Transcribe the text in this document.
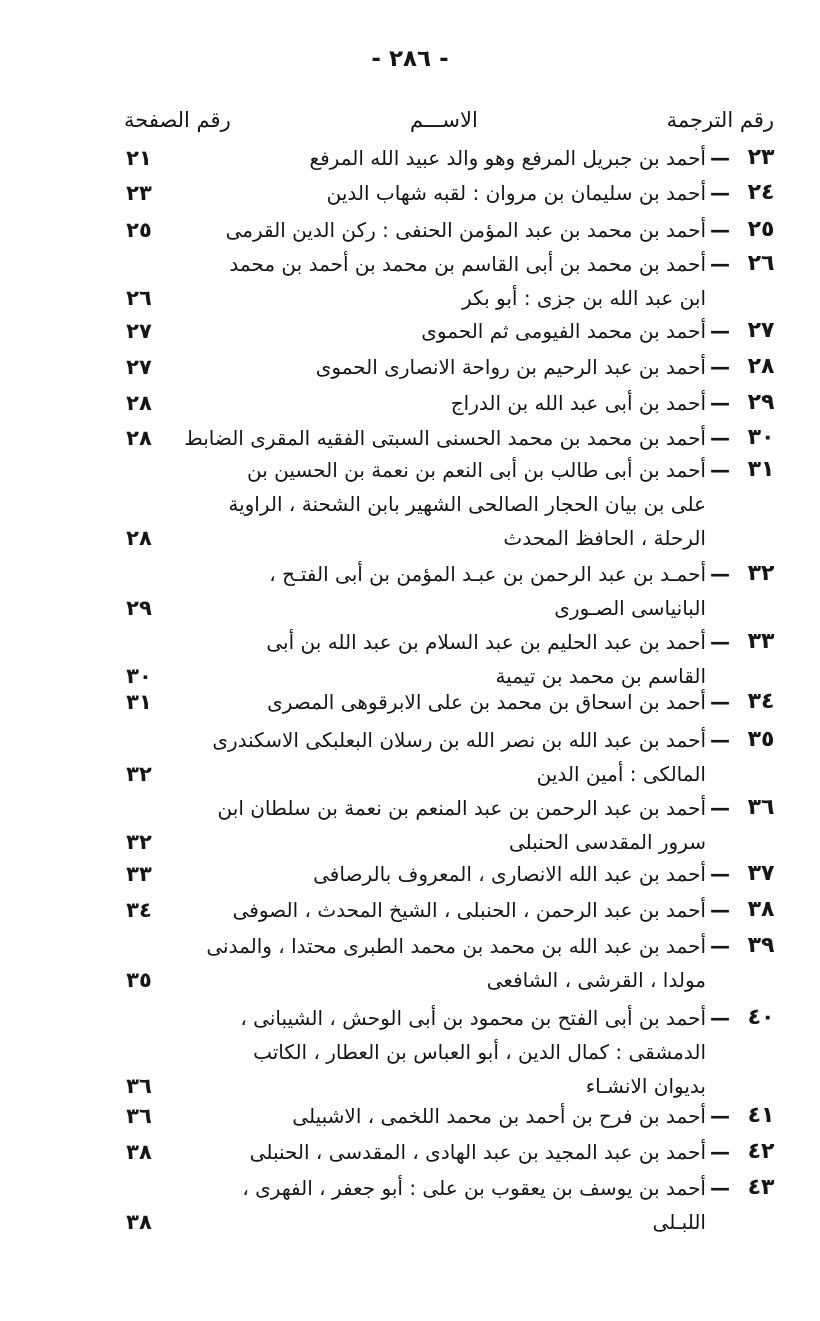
- ٢٨٦ -
رقم الترجمة
الاســـم
رقم الصفحة
٢٣
—
أحمد بن جبريل المرفع وهو والد عبيد الله المرفع
٢١
٢٤
—
أحمد بن سليمان بن مروان : لقبه شهاب الدين
٢٣
٢٥
—
أحمد بن محمد بن عبد المؤمن الحنفى : ركن الدين القرمى
٢٥
٢٦
—
أحمد بن محمد بن أبى القاسم بن محمد بن أحمد بن محمد
ابن عبد الله بن جزى : أبو بكر
٢٦
٢٧
—
أحمد بن محمد الفيومى ثم الحموى
٢٧
٢٨
—
أحمد بن عبد الرحيم بن رواحة الانصارى الحموى
٢٧
٢٩
—
أحمد بن أبى عبد الله بن الدراج
٢٨
٣٠
—
أحمد بن محمد بن محمد الحسنى السبتى الفقيه المقرى الضابط
٢٨
٣١
—
أحمد بن أبى طالب بن أبى النعم بن نعمة بن الحسين بن
على بن بيان الحجار الصالحى الشهير بابن الشحنة ، الراوية
الرحلة ، الحافظ المحدث
٢٨
٣٢
—
أحمـد بن عبد الرحمن بن عبـد المؤمن بن أبى الفتـح ،
البانياسى الصـورى
٢٩
٣٣
—
أحمد بن عبد الحليم بن عبد السلام بن عبد الله بن أبى
القاسم بن محمد بن تيمية
٣٠
٣٤
—
أحمد بن اسحاق بن محمد بن على الابرقوهى المصرى
٣١
٣٥
—
أحمد بن عبد الله بن نصر الله بن رسلان البعلبكى الاسكندرى
المالكى : أمين الدين
٣٢
٣٦
—
أحمد بن عبد الرحمن بن عبد المنعم بن نعمة بن سلطان ابن
سرور المقدسى الحنبلى
٣٢
٣٧
—
أحمد بن عبد الله الانصارى ، المعروف بالرصافى
٣٣
٣٨
—
أحمد بن عبد الرحمن ، الحنبلى ، الشيخ المحدث ، الصوفى
٣٤
٣٩
—
أحمد بن عبد الله بن محمد بن محمد الطبرى محتدا ، والمدنى
مولدا ، القرشى ، الشافعى
٣٥
٤٠
—
أحمد بن أبى الفتح بن محمود بن أبى الوحش ، الشيبانى ،
الدمشقى : كمال الدين ، أبو العباس بن العطار ، الكاتب
بديوان الانشـاء
٣٦
٤١
—
أحمد بن فرح بن أحمد بن محمد اللخمى ، الاشبيلى
٣٦
٤٢
—
أحمد بن عبد المجيد بن عبد الهادى ، المقدسى ، الحنبلى
٣٨
٤٣
—
أحمد بن يوسف بن يعقوب بن على : أبو جعفر ، الفهرى ،
اللبـلى
٣٨
